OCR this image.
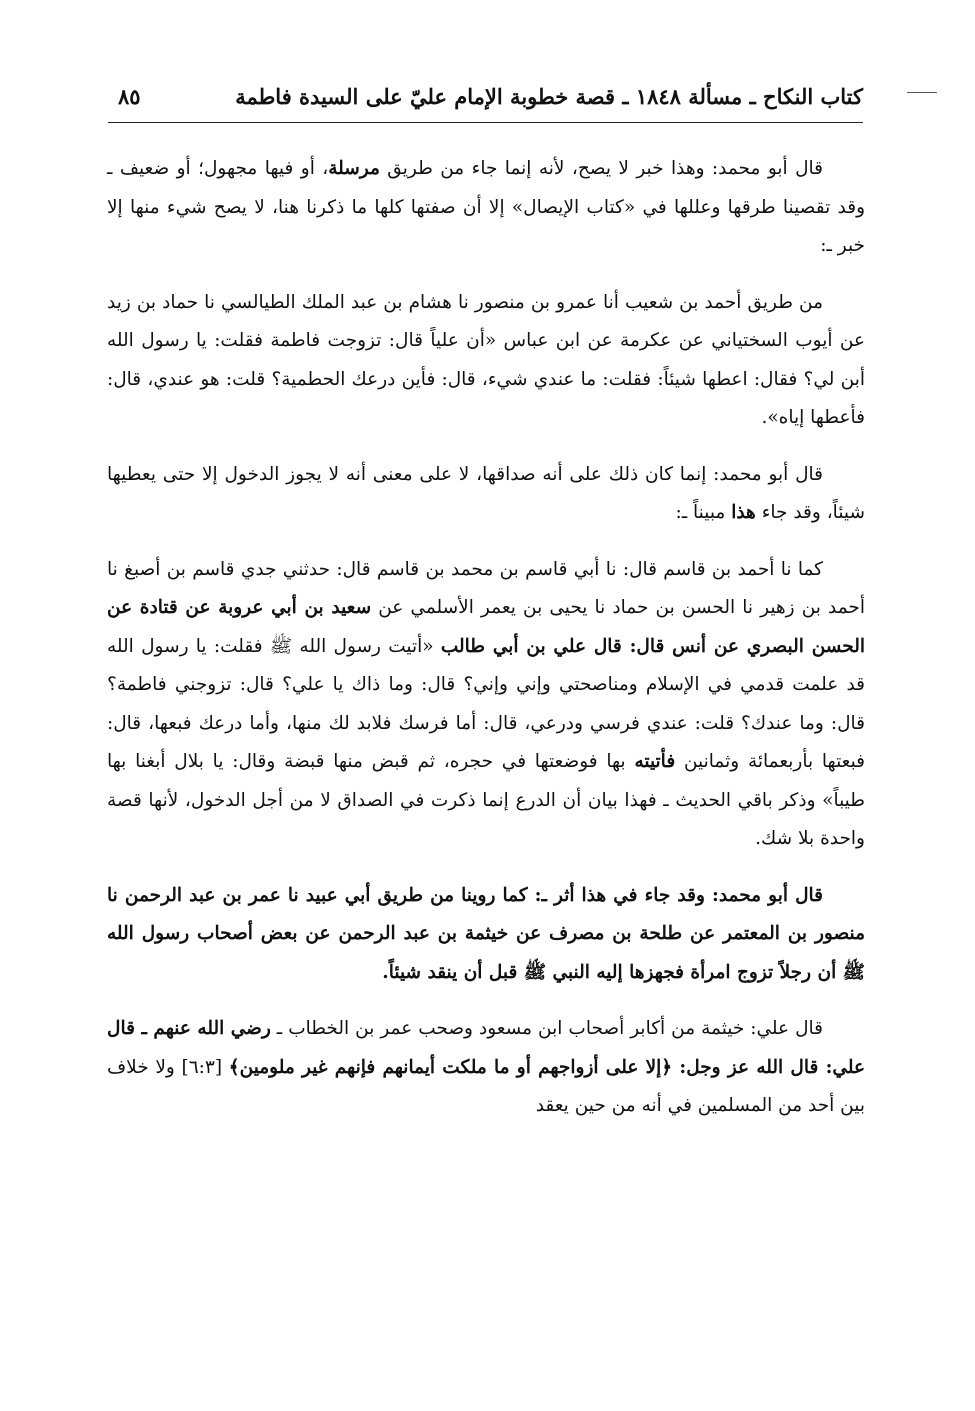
كتاب النكاح ـ مسألة ١٨٤٨ ـ قصة خطوبة الإمام عليّ على السيدة فاطمة
٨٥

قال أبو محمد: وهذا خبر لا يصح، لأنه إنما جاء من طريق مرسلة، أو فيها مجهول؛ أو ضعيف ـ وقد تقصينا طرقها وعللها في «كتاب الإيصال» إلا أن صفتها كلها ما ذكرنا هنا، لا يصح شيء منها إلا خبر ـ:

من طريق أحمد بن شعيب أنا عمرو بن منصور نا هشام بن عبد الملك الطيالسي نا حماد بن زيد عن أيوب السختياني عن عكرمة عن ابن عباس «أن علياً قال: تزوجت فاطمة فقلت: يا رسول الله أبن لي؟ فقال: اعطها شيئاً: فقلت: ما عندي شيء، قال: فأين درعك الحطمية؟ قلت: هو عندي، قال: فأعطها إياه».

قال أبو محمد: إنما كان ذلك على أنه صداقها، لا على معنى أنه لا يجوز الدخول إلا حتى يعطيها شيئاً، وقد جاء هذا مبيناً ـ:

كما نا أحمد بن قاسم قال: نا أبي قاسم بن محمد بن قاسم قال: حدثني جدي قاسم بن أصبغ نا أحمد بن زهير نا الحسن بن حماد نا يحيى بن يعمر الأسلمي عن سعيد بن أبي عروبة عن قتادة عن الحسن البصري عن أنس قال: قال علي بن أبي طالب «أتيت رسول الله ﷺ فقلت: يا رسول الله قد علمت قدمي في الإسلام ومناصحتي وإني وإني؟ قال: وما ذاك يا علي؟ قال: تزوجني فاطمة؟ قال: وما عندك؟ قلت: عندي فرسي ودرعي، قال: أما فرسك فلابد لك منها، وأما درعك فبعها، قال: فبعتها بأربعمائة وثمانين فأتيته بها فوضعتها في حجره، ثم قبض منها قبضة وقال: يا بلال أبغنا بها طيباً» وذكر باقي الحديث ـ فهذا بيان أن الدرع إنما ذكرت في الصداق لا من أجل الدخول، لأنها قصة واحدة بلا شك.

قال أبو محمد: وقد جاء في هذا أثر ـ: كما روينا من طريق أبي عبيد نا عمر بن عبد الرحمن نا منصور بن المعتمر عن طلحة بن مصرف عن خيثمة بن عبد الرحمن عن بعض أصحاب رسول الله ﷺ أن رجلاً تزوج امرأة فجهزها إليه النبي ﷺ قبل أن ينقد شيئاً.

قال علي: خيثمة من أكابر أصحاب ابن مسعود وصحب عمر بن الخطاب ـ رضي الله عنهم ـ قال علي: قال الله عز وجل: ﴿إلا على أزواجهم أو ما ملكت أيمانهم فإنهم غير ملومين﴾ [٦:٣] ولا خلاف بين أحد من المسلمين في أنه من حين يعقد
